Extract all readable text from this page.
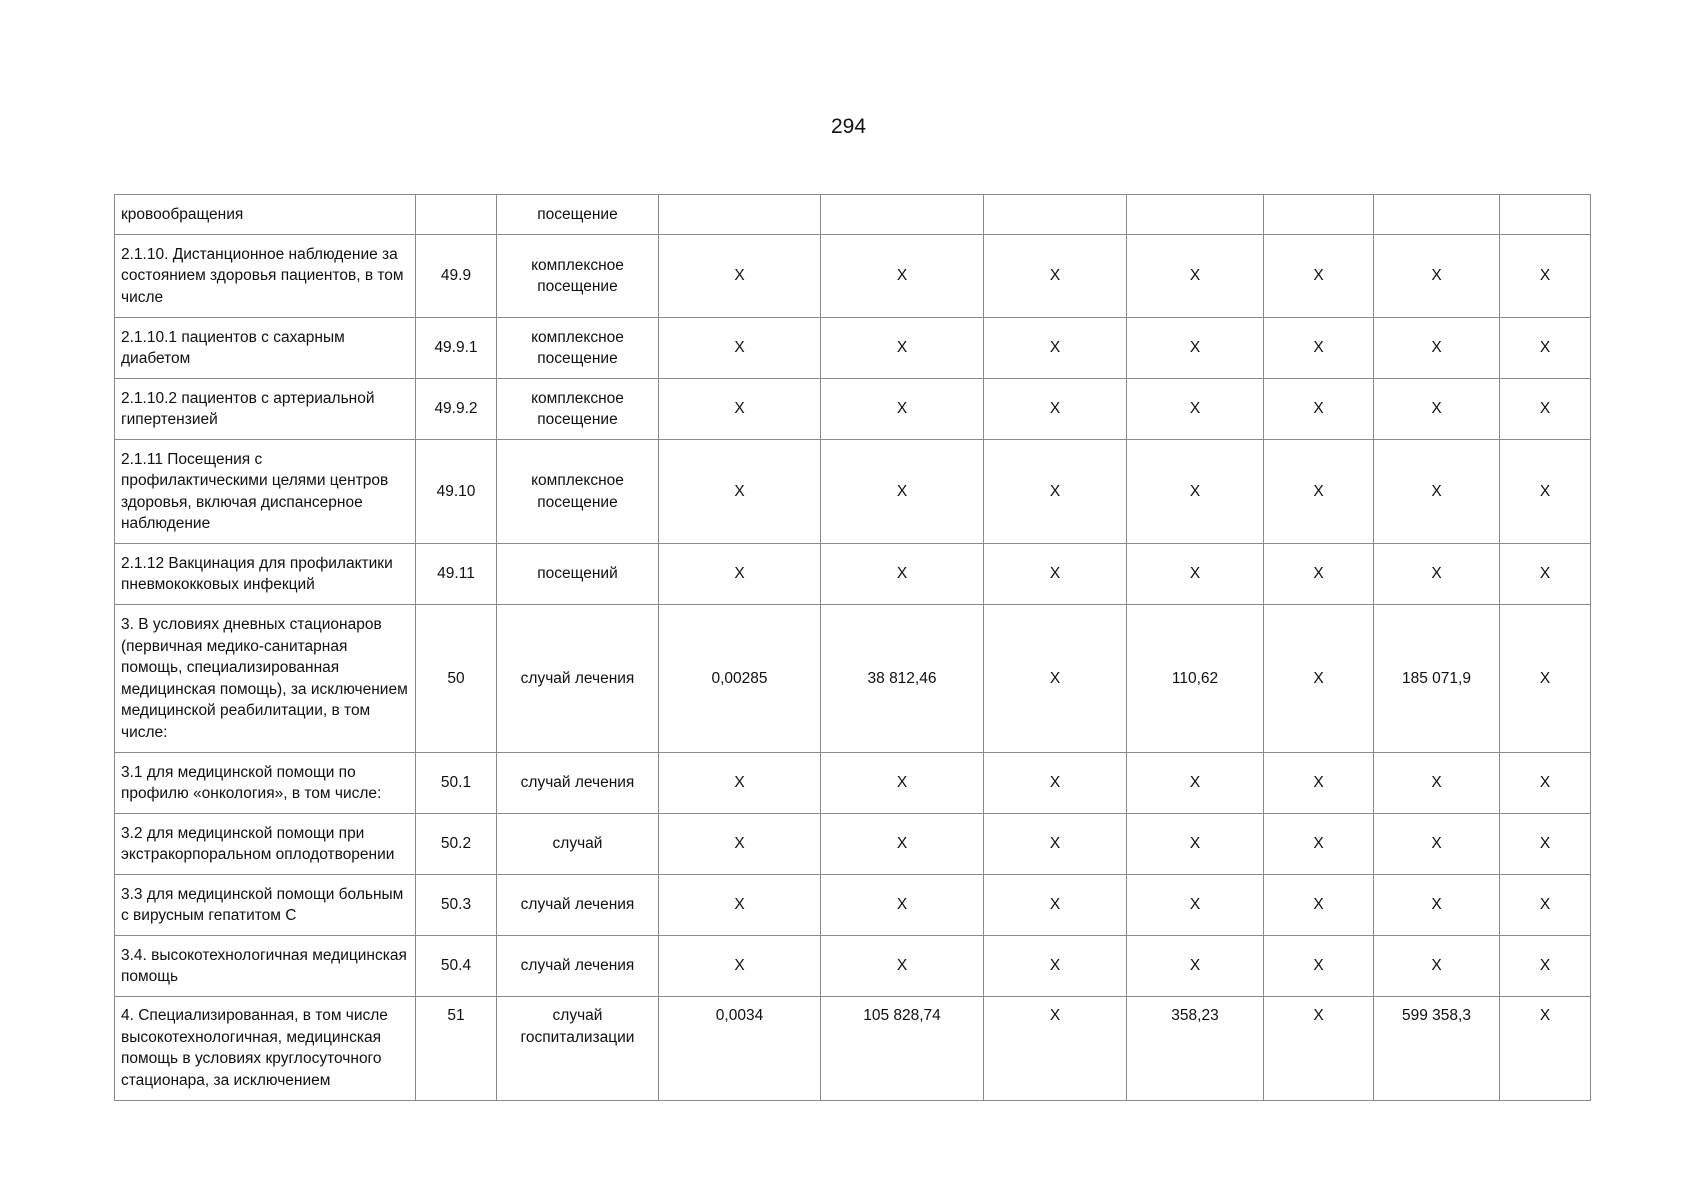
294
кровообращения		посещение							
2.1.10. Дистанционное наблюдение за состоянием здоровья пациентов, в том числе	49.9	комплексное посещение	Х	Х	Х	Х	Х	Х	Х
2.1.10.1 пациентов с сахарным диабетом	49.9.1	комплексное посещение	Х	Х	Х	Х	Х	Х	Х
2.1.10.2 пациентов с артериальной гипертензией	49.9.2	комплексное посещение	Х	Х	Х	Х	Х	Х	Х
2.1.11 Посещения с профилактическими целями центров здоровья, включая диспансерное наблюдение	49.10	комплексное посещение	Х	Х	Х	Х	Х	Х	Х
2.1.12 Вакцинация для профилактики пневмококковых инфекций	49.11	посещений	Х	Х	Х	Х	Х	Х	Х
3. В условиях дневных стационаров (первичная медико-санитарная помощь, специализированная медицинская помощь), за исключением медицинской реабилитации, в том числе:	50	случай лечения	0,00285	38 812,46	Х	110,62	Х	185 071,9	Х
3.1 для медицинской помощи по профилю «онкология», в том числе:	50.1	случай лечения	Х	Х	Х	Х	Х	Х	Х
3.2 для медицинской помощи при экстракорпоральном оплодотворении	50.2	случай	Х	Х	Х	Х	Х	Х	Х
3.3 для медицинской помощи больным с вирусным гепатитом С	50.3	случай лечения	Х	Х	Х	Х	Х	Х	Х
3.4. высокотехнологичная медицинская помощь	50.4	случай лечения	Х	Х	Х	Х	Х	Х	Х
4. Специализированная, в том числе высокотехнологичная, медицинская помощь в условиях круглосуточного стационара, за исключением	51	случай госпитализации	0,0034	105 828,74	Х	358,23	Х	599 358,3	Х
